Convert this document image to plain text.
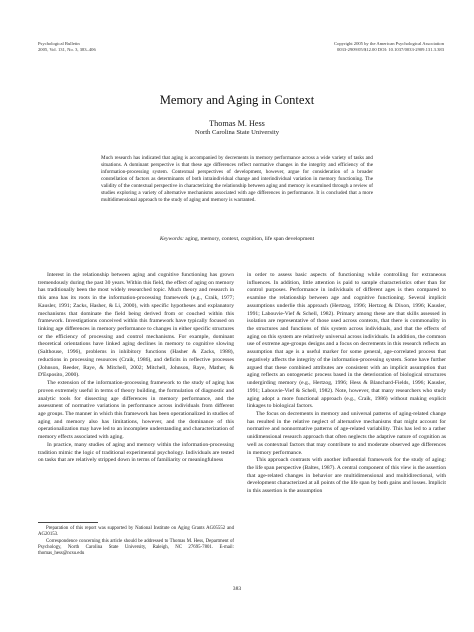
Psychological Bulletin
2005, Vol. 131, No. 3, 383–406
Copyright 2005 by the American Psychological Association
0033-2909/05/$12.00 DOI: 10.1037/0033-2909.131.3.383
Memory and Aging in Context
Thomas M. Hess
North Carolina State University

Much research has indicated that aging is accompanied by decrements in memory performance across a wide variety of tasks and situations. A dominant perspective is that these age differences reflect normative changes in the integrity and efficiency of the information-processing system. Contextual perspectives of development, however, argue for consideration of a broader constellation of factors as determinants of both intraindividual change and interindividual variation in memory functioning. The validity of the contextual perspective in characterizing the relationship between aging and memory is examined through a review of studies exploring a variety of alternative mechanisms associated with age differences in performance. It is concluded that a more multidimensional approach to the study of aging and memory is warranted.

Keywords: aging, memory, context, cognition, life span development

Interest in the relationship between aging and cognitive functioning has grown tremendously during the past 30 years. Within this field, the effect of aging on memory has traditionally been the most widely researched topic. Much theory and research in this area has its roots in the information-processing framework (e.g., Craik, 1977; Kausler, 1991; Zacks, Hasher, & Li, 2000), with specific hypotheses and explanatory mechanisms that dominate the field being derived from or couched within this framework. Investigations conceived within this framework have typically focused on linking age differences in memory performance to changes in either specific structures or the efficiency of processing and control mechanisms. For example, dominant theoretical orientations have linked aging declines in memory to cognitive slowing (Salthouse, 1996), problems in inhibitory functions (Hasher & Zacks, 1988), reductions in processing resources (Craik, 1986), and deficits in reflective processes (Johnson, Reeder, Raye, & Mitchell, 2002; Mitchell, Johnson, Raye, Mather, & D'Esposito, 2000).

The extension of the information-processing framework to the study of aging has proven extremely useful in terms of theory building, the formulation of diagnostic and analytic tools for dissecting age differences in memory performance, and the assessment of normative variations in performance across individuals from different age groups. The manner in which this framework has been operationalized in studies of aging and memory also has limitations, however, and the dominance of this operationalization may have led to an incomplete understanding and characterization of memory effects associated with aging.

In practice, many studies of aging and memory within the information-processing tradition mimic the logic of traditional experimental psychology. Individuals are tested on tasks that are relatively stripped down in terms of familiarity or meaningfulness

in order to assess basic aspects of functioning while controlling for extraneous influences. In addition, little attention is paid to sample characteristics other than for control purposes. Performance in individuals of different ages is then compared to examine the relationship between age and cognitive functioning. Several implicit assumptions underlie this approach (Hertzog, 1996; Hertzog & Dixon, 1996; Kausler, 1991; Labouvie-Vief & Schell, 1982). Primary among these are that skills assessed in isolation are representative of those used across contexts, that there is commonality in the structures and functions of this system across individuals, and that the effects of aging on this system are relatively universal across individuals. In addition, the common use of extreme age-groups designs and a focus on decrements in this research reflects an assumption that age is a useful marker for some general, age-correlated process that negatively affects the integrity of the information-processing system. Some have further argued that these combined attributes are consistent with an implicit assumption that aging reflects an ontogenetic process based in the deterioration of biological structures undergirding memory (e.g., Hertzog, 1996; Hess & Blanchard-Fields, 1996; Kausler, 1991; Labouvie-Vief & Schell, 1982). Note, however, that many researchers who study aging adopt a more functional approach (e.g., Craik, 1986) without making explicit linkages to biological factors.

The focus on decrements in memory and universal patterns of aging-related change has resulted in the relative neglect of alternative mechanisms that might account for normative and nonnormative patterns of age-related variability. This has led to a rather unidimensional research approach that often neglects the adaptive nature of cognition as well as contextual factors that may contribute to and moderate observed age differences in memory performance.

This approach contrasts with another influential framework for the study of aging: the life span perspective (Baltes, 1987). A central component of this view is the assertion that age-related changes in behavior are multidimensional and multidirectional, with development characterized at all points of the life span by both gains and losses. Implicit in this assertion is the assumption

Preparation of this report was supported by National Institute on Aging Grants AG05552 and AG20153.

Correspondence concerning this article should be addressed to Thomas M. Hess, Department of Psychology, North Carolina State University, Raleigh, NC 27695-7801. E-mail: thomas_hess@ncsu.edu

383
